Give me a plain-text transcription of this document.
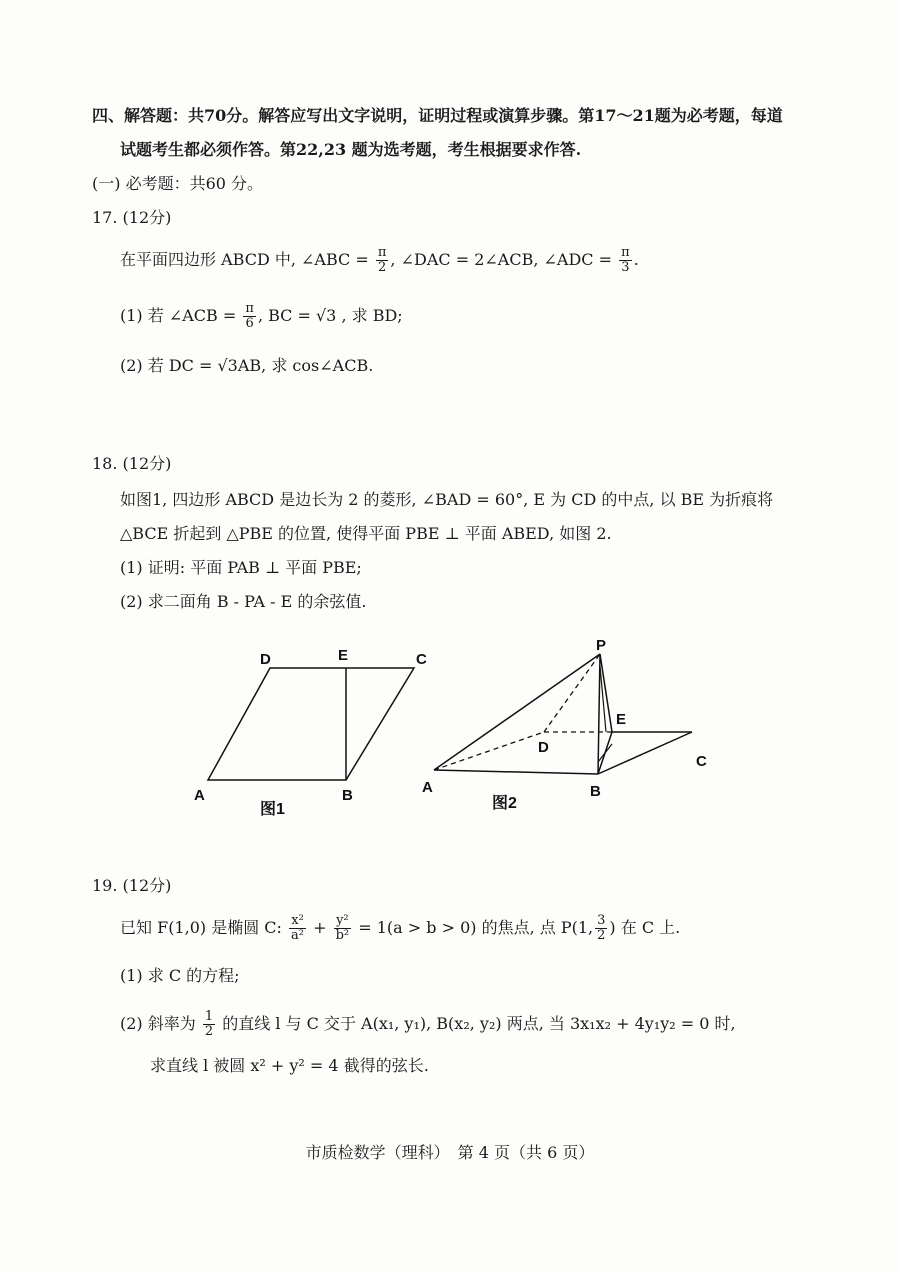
四、解答题：共70分。解答应写出文字说明，证明过程或演算步骤。第17～21题为必考题，每道
试题考生都必须作答。第22,23 题为选考题，考生根据要求作答.
(一) 必考题：共60 分。
17. (12分)
在平面四边形 ABCD 中, ∠ABC = $\frac{\pi}{2}$ , ∠DAC = 2∠ACB, ∠ADC = $\frac{\pi}{3}$ .
(1) 若 ∠ACB = $\frac{\pi}{6}$ , BC = √3 , 求 BD;
(2) 若 DC = √3AB, 求 cos∠ACB.
18. (12分)
如图1, 四边形 ABCD 是边长为 2 的菱形, ∠BAD = 60°, E 为 CD 的中点, 以 BE 为折痕将
△BCE 折起到 △PBE 的位置, 使得平面 PBE ⊥ 平面 ABED, 如图 2.
(1) 证明: 平面 PAB ⊥ 平面 PBE;
(2) 求二面角 B - PA - E 的余弦值.
D	E	C
A	B
图1
P
E
C
D
A	B
图2
19. (12分)
已知 F(1,0) 是椭圆 C: $\frac{\text{x²}}{\text{a²}} + \frac{\text{y²}}{\text{b²}} = 1(a > b > 0)$ 的焦点, 点 P(1, $\frac{3}{2}$ ) 在 C 上.
(1) 求 C 的方程;
(2) 斜率为 $\frac{1}{2}$ 的直线 l 与 C 交于 A(x₁, y₁), B(x₂, y₂) 两点, 当 3x₁x₂ + 4y₁y₂ = 0 时,
求直线 l 被圆 x² + y² = 4 截得的弦长.
市质检数学（理科）　第 4 页（共 6 页）
